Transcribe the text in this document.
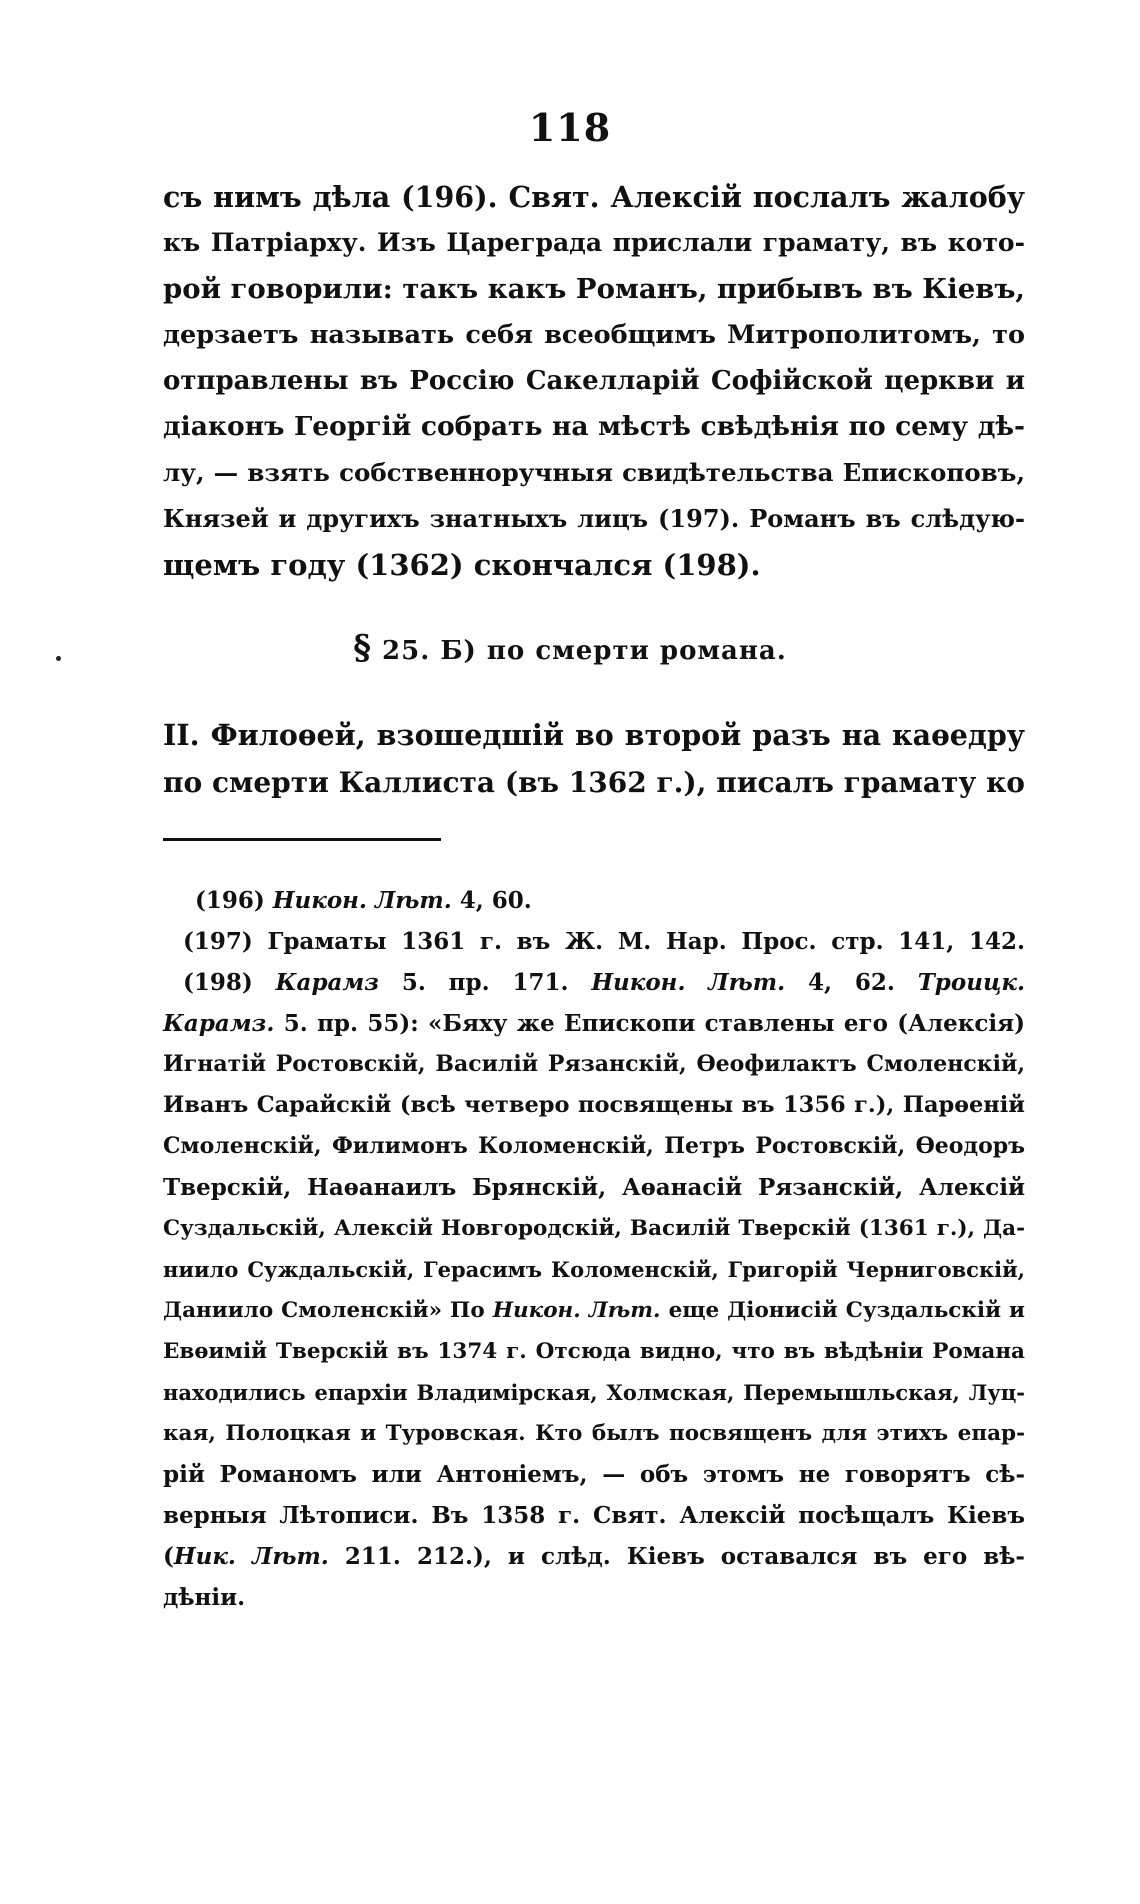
118
съ нимъ дѣла (196). Свят. Алексій послалъ жалобу
къ Патріарху. Изъ Цареграда прислали грамату, въ кото-
рой говорили: такъ какъ Романъ, прибывъ въ Кіевъ,
дерзаетъ называть себя всеобщимъ Митрополитомъ, то
отправлены въ Россію Сакелларій Софійской церкви и
діаконъ Георгій собрать на мѣстѣ свѣдѣнія по сему дѣ-
лу, — взять собственноручныя свидѣтельства Епископовъ,
Князей и другихъ знатныхъ лицъ (197). Романъ въ слѣдую-
щемъ году (1362) скончался (198).
§ 25. Б) по смерти романа.
II. Филоѳей, взошедшій во второй разъ на каѳедру
по смерти Каллиста (въ 1362 г.), писалъ грамату ко
(196) Никон. Лѣт. 4, 60.
(197) Граматы 1361 г. въ Ж. М. Нар. Прос. стр. 141, 142.
(198) Карамз 5. пр. 171. Никон. Лѣт. 4, 62. Троицк.
Карамз. 5. пр. 55): «Бяху же Епископи ставлены его (Алексія)
Игнатій Ростовскій, Василій Рязанскій, Ѳеофилактъ Смоленскій,
Иванъ Сарайскій (всѣ четверо посвящены въ 1356 г.), Парѳеній
Смоленскій, Филимонъ Коломенскій, Петръ Ростовскій, Ѳеодоръ
Тверскій, Наѳанаилъ Брянскій, Аѳанасій Рязанскій, Алексій
Суздальскій, Алексій Новгородскій, Василій Тверскій (1361 г.), Да-
ниило Суждальскій, Герасимъ Коломенскій, Григорій Черниговскій,
Даниило Смоленскій» По Никон. Лѣт. еще Діонисій Суздальскій и
Евѳимій Тверскій въ 1374 г. Отсюда видно, что въ вѣдѣніи Романа
находились епархіи Владимірская, Холмская, Перемышльская, Луц-
кая, Полоцкая и Туровская. Кто былъ посвященъ для этихъ епар-
рій Романомъ или Антоніемъ, — объ этомъ не говорятъ сѣ-
верныя Лѣтописи. Въ 1358 г. Свят. Алексій посѣщалъ Кіевъ
(Ник. Лѣт. 211. 212.), и слѣд. Кіевъ оставался въ его вѣ-
дѣніи.
